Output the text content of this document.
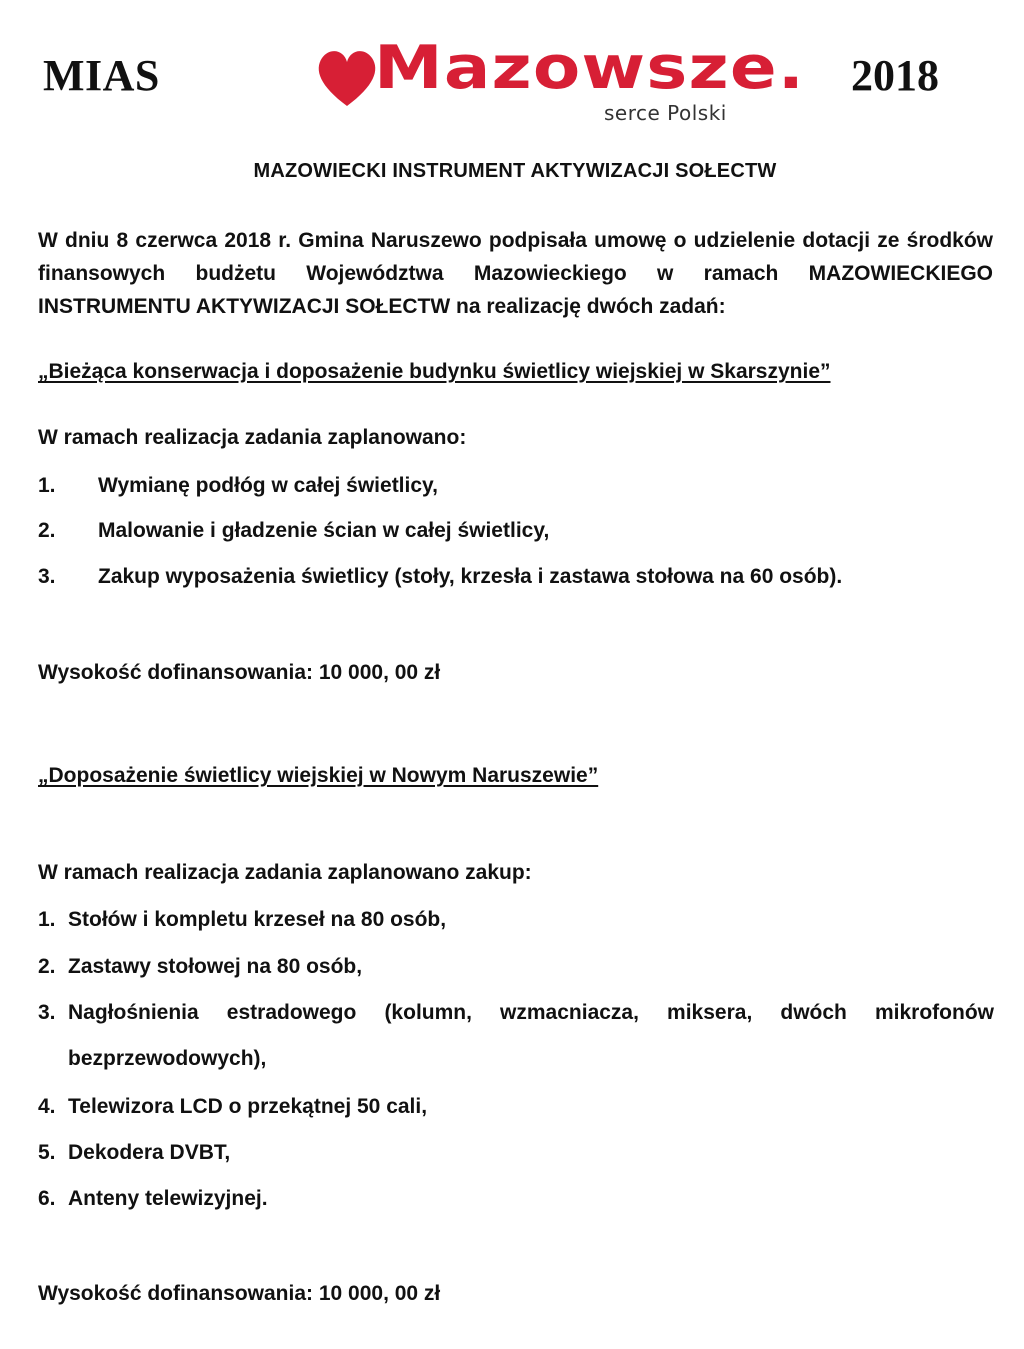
MIAS	Mazowsze.
serce Polski
2018
MAZOWIECKI INSTRUMENT AKTYWIZACJI SOŁECTW
W dniu 8 czerwca 2018 r. Gmina Naruszewo podpisała umowę o udzielenie dotacji ze środków finansowych budżetu Województwa Mazowieckiego w ramach MAZOWIECKIEGO INSTRUMENTU AKTYWIZACJI SOŁECTW na realizację dwóch zadań:
„Bieżąca konserwacja i doposażenie budynku świetlicy wiejskiej w Skarszynie”
W ramach realizacja zadania zaplanowano:
1. Wymianę podłóg w całej świetlicy,
2. Malowanie i gładzenie ścian w całej świetlicy,
3. Zakup wyposażenia świetlicy (stoły, krzesła i zastawa stołowa na 60 osób).
Wysokość dofinansowania: 10 000, 00 zł
„Doposażenie świetlicy wiejskiej w Nowym Naruszewie”
W ramach realizacja zadania zaplanowano zakup:
1. Stołów i kompletu krzeseł na 80 osób,
2. Zastawy stołowej na 80 osób,
3. Nagłośnienia estradowego (kolumn, wzmacniacza, miksera, dwóch mikrofonów bezprzewodowych),
4. Telewizora LCD o przekątnej 50 cali,
5. Dekodera DVBT,
6. Anteny telewizyjnej.
Wysokość dofinansowania: 10 000, 00 zł
